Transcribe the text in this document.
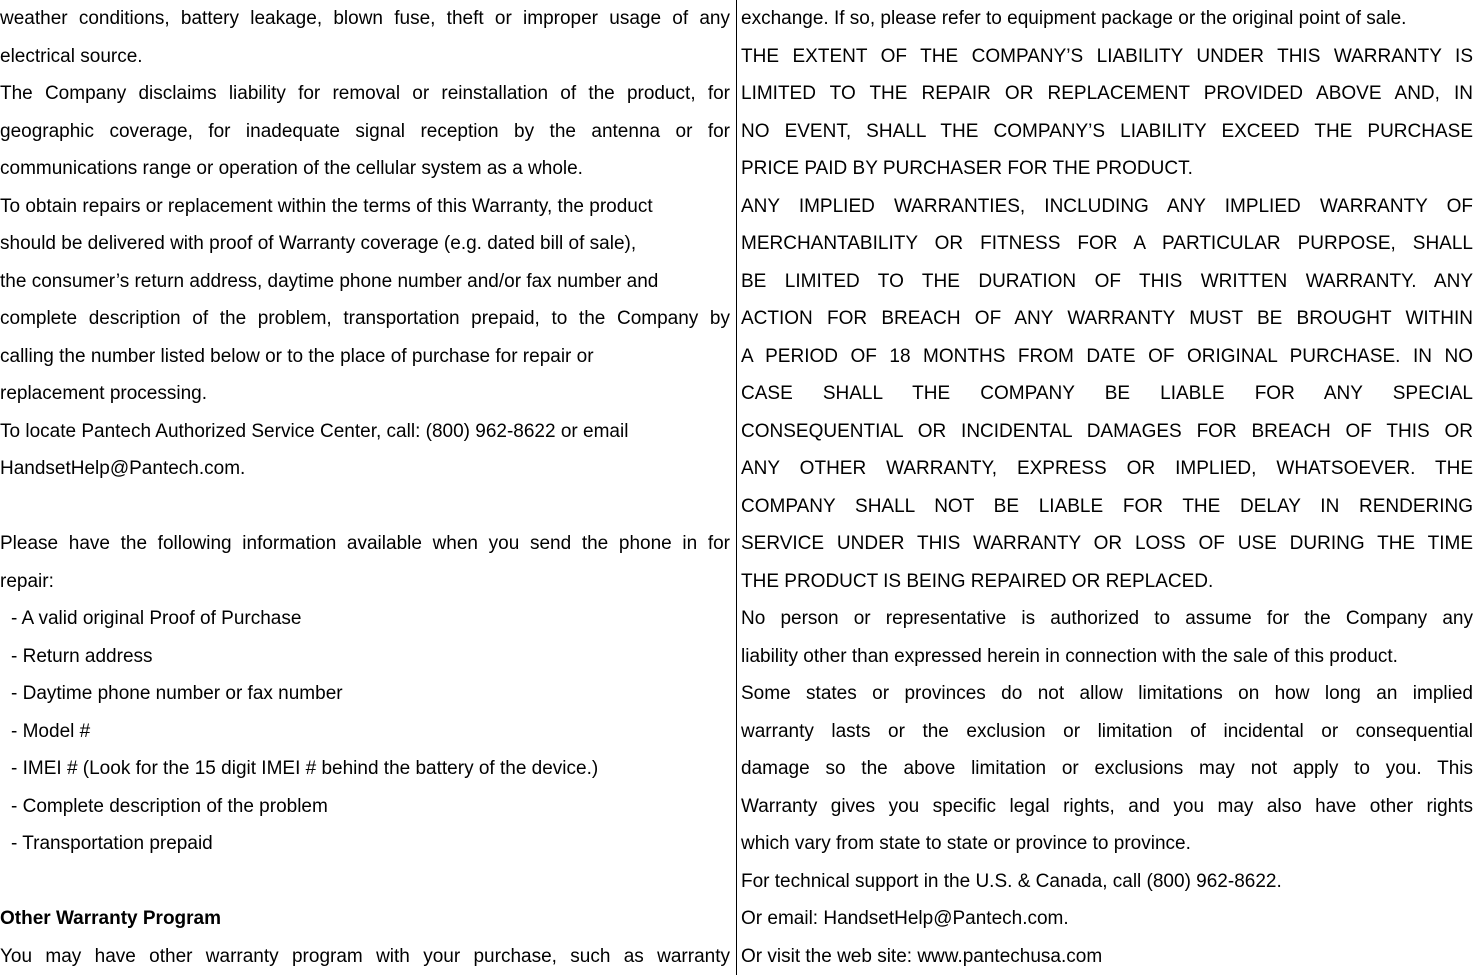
weather conditions, battery leakage, blown fuse, theft or improper usage of any
electrical source.
The Company disclaims liability for removal or reinstallation of the product, for
geographic coverage, for inadequate signal reception by the antenna or for
communications range or operation of the cellular system as a whole.
To obtain repairs or replacement within the terms of this Warranty, the product
should be delivered with proof of Warranty coverage (e.g. dated bill of sale),
the consumer’s return address, daytime phone number and/or fax number and
complete description of the problem, transportation prepaid, to the Company by
calling the number listed below or to the place of purchase for repair or
replacement processing.
To locate Pantech Authorized Service Center, call: (800) 962-8622 or email
HandsetHelp@Pantech.com.
Please have the following information available when you send the phone in for
repair:
- A valid original Proof of Purchase
- Return address
- Daytime phone number or fax number
- Model #
- IMEI # (Look for the 15 digit IMEI # behind the battery of the device.)
- Complete description of the problem
- Transportation prepaid
Other Warranty Program
You may have other warranty program with your purchase, such as warranty
exchange. If so, please refer to equipment package or the original point of sale.
THE EXTENT OF THE COMPANY’S LIABILITY UNDER THIS WARRANTY IS
LIMITED TO THE REPAIR OR REPLACEMENT PROVIDED ABOVE AND, IN
NO EVENT, SHALL THE COMPANY’S LIABILITY EXCEED THE PURCHASE
PRICE PAID BY PURCHASER FOR THE PRODUCT.
ANY IMPLIED WARRANTIES, INCLUDING ANY IMPLIED WARRANTY OF
MERCHANTABILITY OR FITNESS FOR A PARTICULAR PURPOSE, SHALL
BE LIMITED TO THE DURATION OF THIS WRITTEN WARRANTY. ANY
ACTION FOR BREACH OF ANY WARRANTY MUST BE BROUGHT WITHIN
A PERIOD OF 18 MONTHS FROM DATE OF ORIGINAL PURCHASE. IN NO
CASE SHALL THE COMPANY BE LIABLE FOR ANY SPECIAL
CONSEQUENTIAL OR INCIDENTAL DAMAGES FOR BREACH OF THIS OR
ANY OTHER WARRANTY, EXPRESS OR IMPLIED, WHATSOEVER. THE
COMPANY SHALL NOT BE LIABLE FOR THE DELAY IN RENDERING
SERVICE UNDER THIS WARRANTY OR LOSS OF USE DURING THE TIME
THE PRODUCT IS BEING REPAIRED OR REPLACED.
No person or representative is authorized to assume for the Company any
liability other than expressed herein in connection with the sale of this product.
Some states or provinces do not allow limitations on how long an implied
warranty lasts or the exclusion or limitation of incidental or consequential
damage so the above limitation or exclusions may not apply to you. This
Warranty gives you specific legal rights, and you may also have other rights
which vary from state to state or province to province.
For technical support in the U.S. & Canada, call (800) 962-8622.
Or email: HandsetHelp@Pantech.com.
Or visit the web site: www.pantechusa.com
